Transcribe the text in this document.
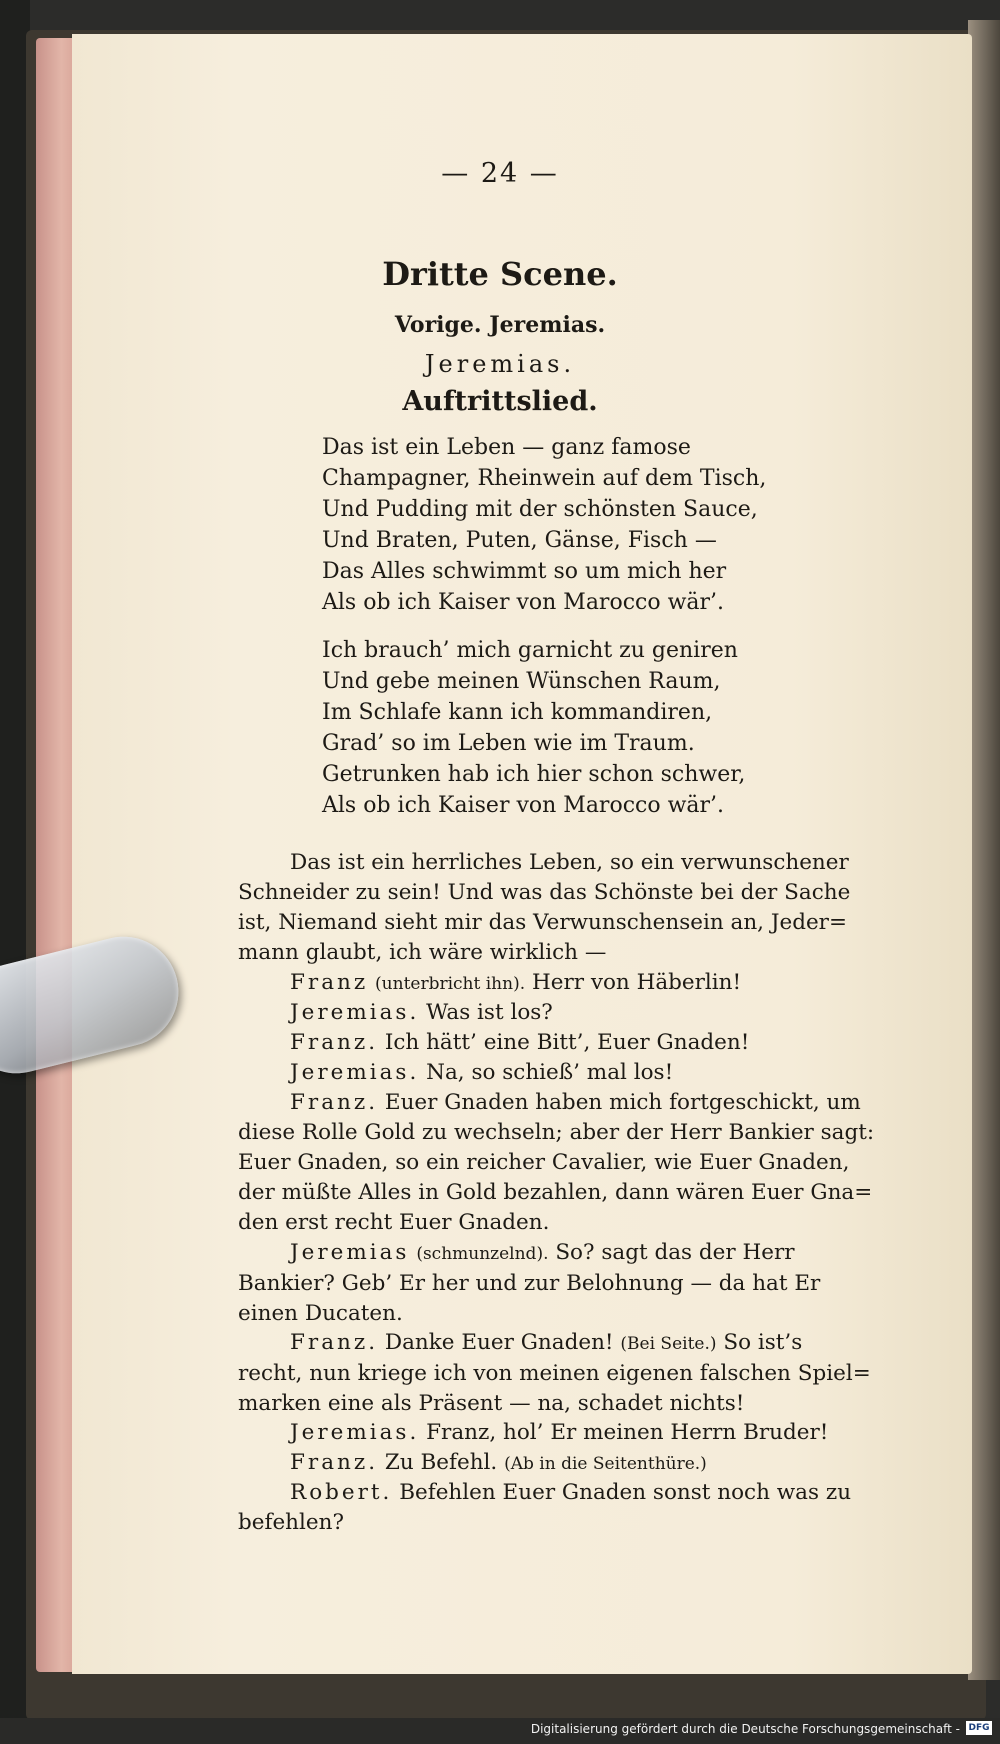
— 24 —
Dritte Scene.
Vorige. Jeremias.
Jeremias.
Auftrittslied.
Das ist ein Leben — ganz famose
Champagner, Rheinwein auf dem Tisch,
Und Pudding mit der schönsten Sauce,
Und Braten, Puten, Gänse, Fisch —
Das Alles schwimmt so um mich her
Als ob ich Kaiser von Marocco wär’.
Ich brauch’ mich garnicht zu geniren
Und gebe meinen Wünschen Raum,
Im Schlafe kann ich kommandiren,
Grad’ so im Leben wie im Traum.
Getrunken hab ich hier schon schwer,
Als ob ich Kaiser von Marocco wär’.
Das ist ein herrliches Leben, so ein verwunschener
Schneider zu sein! Und was das Schönste bei der Sache
ist, Niemand sieht mir das Verwunschensein an, Jeder=
mann glaubt, ich wäre wirklich —
Franz (unterbricht ihn). Herr von Häberlin!
Jeremias. Was ist los?
Franz. Ich hätt’ eine Bitt’, Euer Gnaden!
Jeremias. Na, so schieß’ mal los!
Franz. Euer Gnaden haben mich fortgeschickt, um
diese Rolle Gold zu wechseln; aber der Herr Bankier sagt:
Euer Gnaden, so ein reicher Cavalier, wie Euer Gnaden,
der müßte Alles in Gold bezahlen, dann wären Euer Gna=
den erst recht Euer Gnaden.
Jeremias (schmunzelnd). So? sagt das der Herr
Bankier? Geb’ Er her und zur Belohnung — da hat Er
einen Ducaten.
Franz. Danke Euer Gnaden! (Bei Seite.) So ist’s
recht, nun kriege ich von meinen eigenen falschen Spiel=
marken eine als Präsent — na, schadet nichts!
Jeremias. Franz, hol’ Er meinen Herrn Bruder!
Franz. Zu Befehl. (Ab in die Seitenthüre.)
Robert. Befehlen Euer Gnaden sonst noch was zu
befehlen?
Digitalisierung gefördert durch die Deutsche Forschungsgemeinschaft - DFG
